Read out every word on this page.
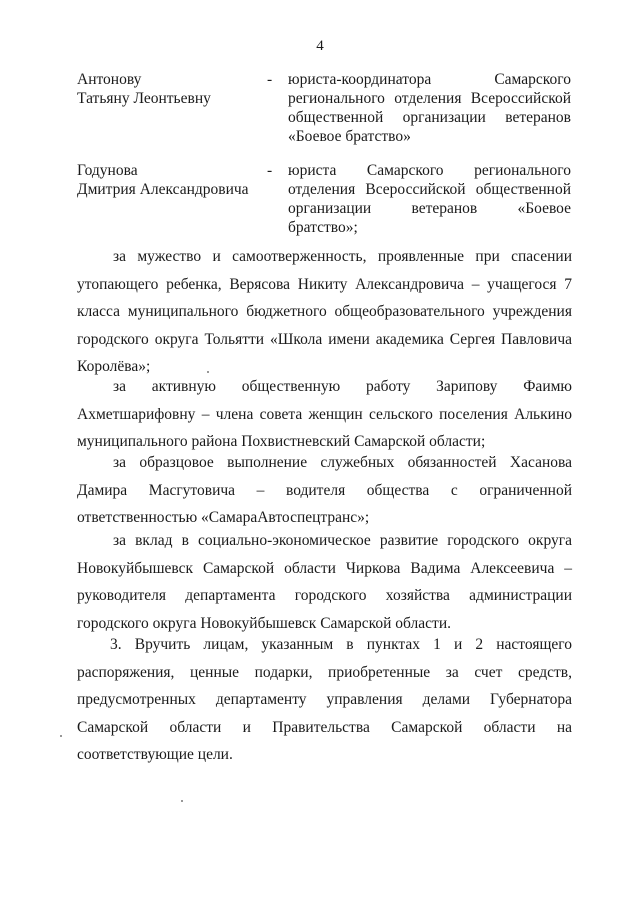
4
Антонову
Татьяну Леонтьевну
- юриста-координатора Самарского регионального отделения Всероссийской общественной организации ветеранов «Боевое братство»
Годунова
Дмитрия Александровича
- юриста Самарского регионального отделения Всероссийской общественной организации ветеранов «Боевое братство»;

за мужество и самоотверженность, проявленные при спасении утопающего ребенка, Верясова Никиту Александровича – учащегося 7 класса муниципального бюджетного общеобразовательного учреждения городского округа Тольятти «Школа имени академика Сергея Павловича Королёва»;

за активную общественную работу Зарипову Фаимю Ахметшарифовну – члена совета женщин сельского поселения Алькино муниципального района Похвистневский Самарской области;

за образцовое выполнение служебных обязанностей Хасанова Дамира Масгутовича – водителя общества с ограниченной ответственностью «СамараАвтоспецтранс»;

за вклад в социально-экономическое развитие городского округа Новокуйбышевск Самарской области Чиркова Вадима Алексеевича – руководителя департамента городского хозяйства администрации городского округа Новокуйбышевск Самарской области.

3. Вручить лицам, указанным в пунктах 1 и 2 настоящего распоряжения, ценные подарки, приобретенные за счет средств, предусмотренных департаменту управления делами Губернатора Самарской области и Правительства Самарской области на соответствующие цели.
